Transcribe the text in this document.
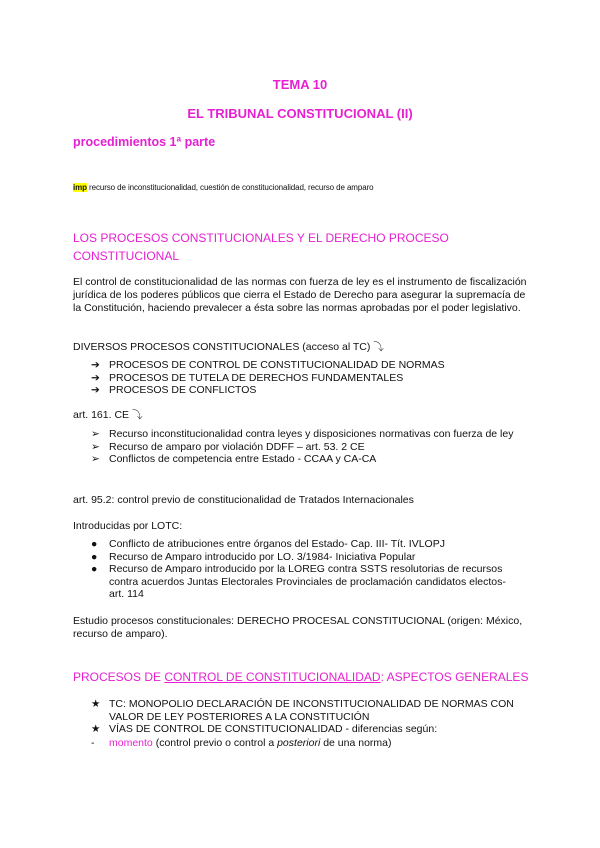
TEMA 10
EL TRIBUNAL CONSTITUCIONAL (II)
procedimientos 1ª parte
imp recurso de inconstitucionalidad, cuestión de constitucionalidad, recurso de amparo
LOS PROCESOS CONSTITUCIONALES Y EL DERECHO PROCESO CONSTITUCIONAL

El control de constitucionalidad de las normas con fuerza de ley es el instrumento de fiscalización jurídica de los poderes públicos que cierra el Estado de Derecho para asegurar la supremacía de la Constitución, haciendo prevalecer a ésta sobre las normas aprobadas por el poder legislativo.

DIVERSOS PROCESOS CONSTITUCIONALES (acceso al TC) ⤵

➔ PROCESOS DE CONTROL DE CONSTITUCIONALIDAD DE NORMAS
➔ PROCESOS DE TUTELA DE DERECHOS FUNDAMENTALES
➔ PROCESOS DE CONFLICTOS

art. 161. CE ⤵

➢ Recurso inconstitucionalidad contra leyes y disposiciones normativas con fuerza de ley
➢ Recurso de amparo por violación DDFF – art. 53. 2 CE
➢ Conflictos de competencia entre Estado - CCAA y CA-CA

art. 95.2: control previo de constitucionalidad de Tratados Internacionales

Introducidas por LOTC:

●	Conflicto de atribuciones entre órganos del Estado- Cap. III- Tít. IVLOPJ
●	Recurso de Amparo introducido por LO. 3/1984- Iniciativa Popular
●	Recurso de Amparo introducido por la LOREG contra SSTS resolutorias de recursos contra acuerdos Juntas Electorales Provinciales de proclamación candidatos electos- art. 114

Estudio procesos constitucionales: DERECHO PROCESAL CONSTITUCIONAL (origen: México, recurso de amparo).

PROCESOS DE CONTROL DE CONSTITUCIONALIDAD: ASPECTOS GENERALES
★ TC: MONOPOLIO DECLARACIÓN DE INCONSTITUCIONALIDAD DE NORMAS CON VALOR DE LEY POSTERIORES A LA CONSTITUCIÓN
★ VÍAS DE CONTROL DE CONSTITUCIONALIDAD - diferencias según:
- momento (control previo o control a posteriori de una norma)
